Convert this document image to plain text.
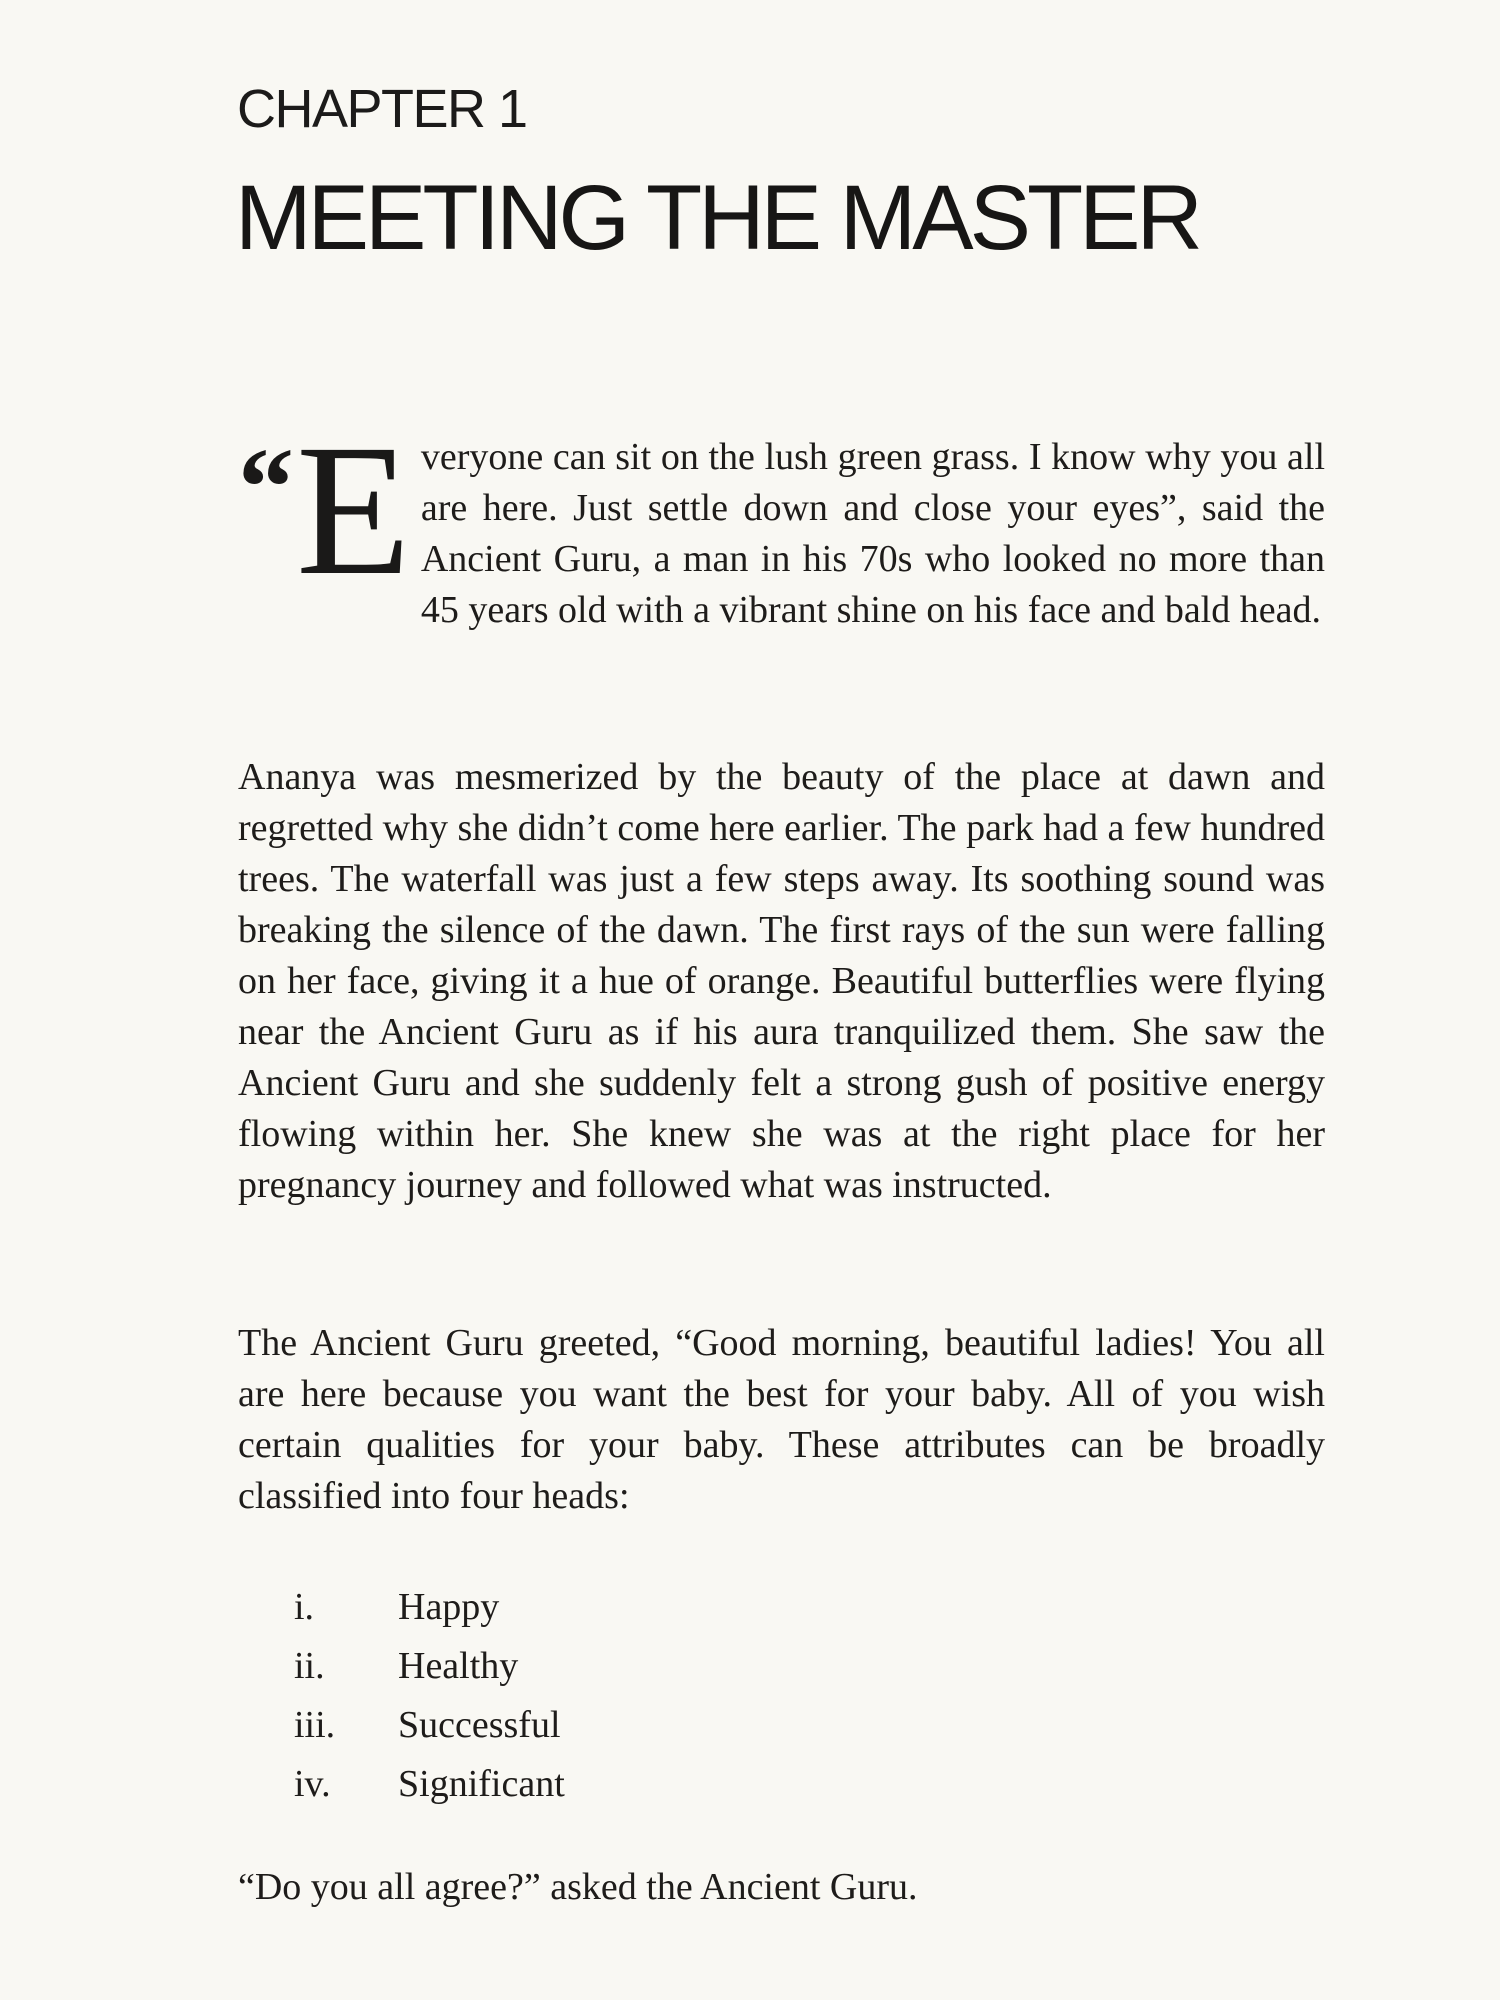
CHAPTER 1
MEETING THE MASTER
“ E veryone can sit on the lush green grass. I know why you all are here. Just settle down and close your eyes”, said the Ancient Guru, a man in his 70s who looked no more than 45 years old with a vibrant shine on his face and bald head.
Ananya was mesmerized by the beauty of the place at dawn and regretted why she didn’t come here earlier. The park had a few hundred trees. The waterfall was just a few steps away. Its soothing sound was breaking the silence of the dawn. The first rays of the sun were falling on her face, giving it a hue of orange. Beautiful butterflies were flying near the Ancient Guru as if his aura tranquilized them. She saw the Ancient Guru and she suddenly felt a strong gush of positive energy flowing within her. She knew she was at the right place for her pregnancy journey and followed what was instructed.
The Ancient Guru greeted, “Good morning, beautiful ladies! You all are here because you want the best for your baby. All of you wish certain qualities for your baby. These attributes can be broadly classified into four heads:
i. Happy
ii. Healthy
iii. Successful
iv. Significant
“Do you all agree?” asked the Ancient Guru.
